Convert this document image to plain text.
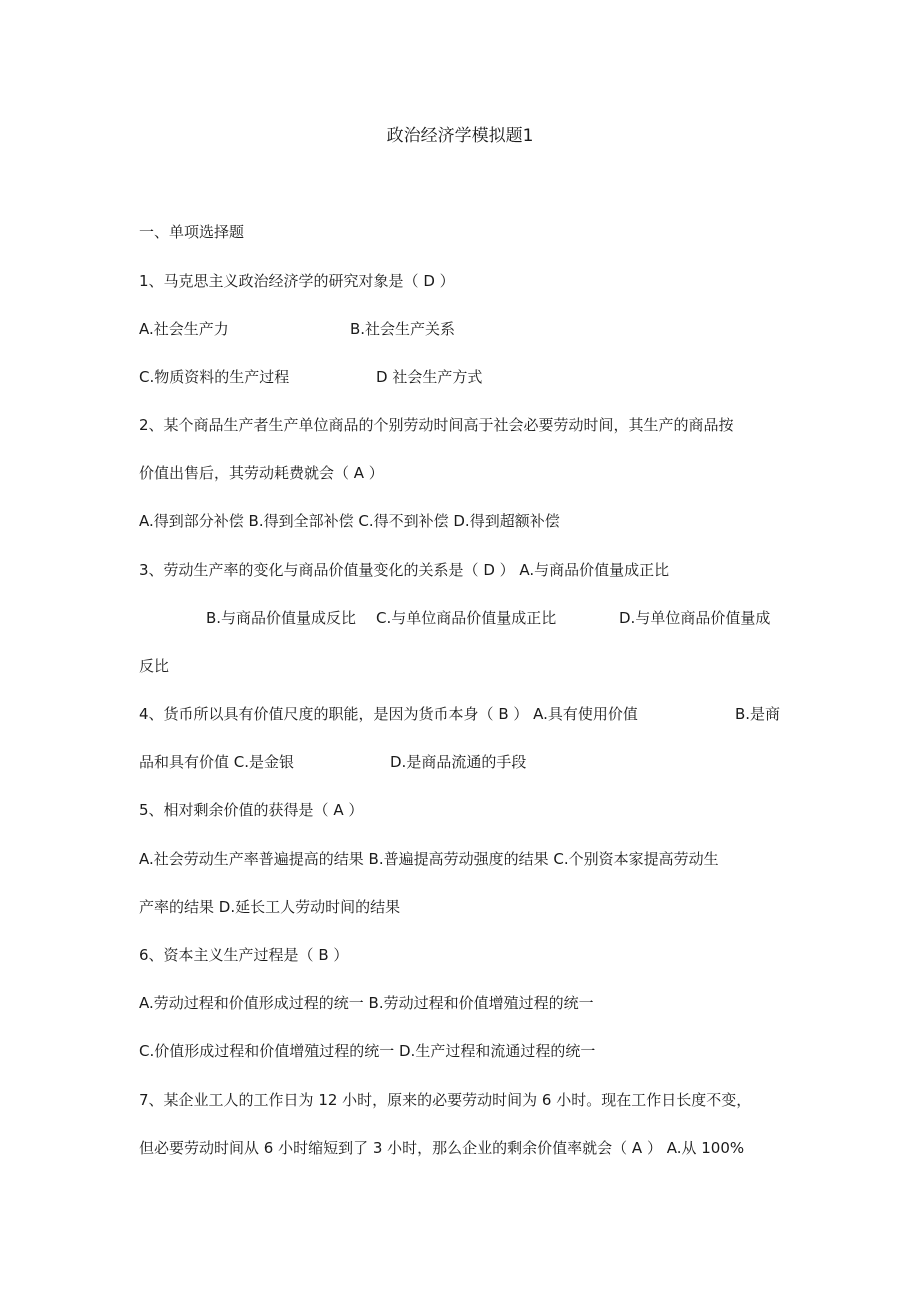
政治经济学模拟题1
一、单项选择题
1、马克思主义政治经济学的研究对象是（ D ）
A.社会生产力	B.社会生产关系
C.物质资料的生产过程	D 社会生产方式
2、某个商品生产者生产单位商品的个别劳动时间高于社会必要劳动时间，其生产的商品按
价值出售后，其劳动耗费就会（ A ）
A.得到部分补偿 B.得到全部补偿 C.得不到补偿 D.得到超额补偿
3、劳动生产率的变化与商品价值量变化的关系是（ D ） A.与商品价值量成正比
B.与商品价值量成反比 C.与单位商品价值量成正比	D.与单位商品价值量成
反比
4、货币所以具有价值尺度的职能，是因为货币本身（ B ） A.具有使用价值	B.是商
品和具有价值 C.是金银	D.是商品流通的手段
5、相对剩余价值的获得是（ A ）
A.社会劳动生产率普遍提高的结果 B.普遍提高劳动强度的结果 C.个别资本家提高劳动生
产率的结果 D.延长工人劳动时间的结果
6、资本主义生产过程是（ B ）
A.劳动过程和价值形成过程的统一 B.劳动过程和价值增殖过程的统一
C.价值形成过程和价值增殖过程的统一 D.生产过程和流通过程的统一
7、某企业工人的工作日为 12 小时，原来的必要劳动时间为 6 小时。现在工作日长度不变，
但必要劳动时间从 6 小时缩短到了 3 小时，那么企业的剩余价值率就会（ A ） A.从 100%
